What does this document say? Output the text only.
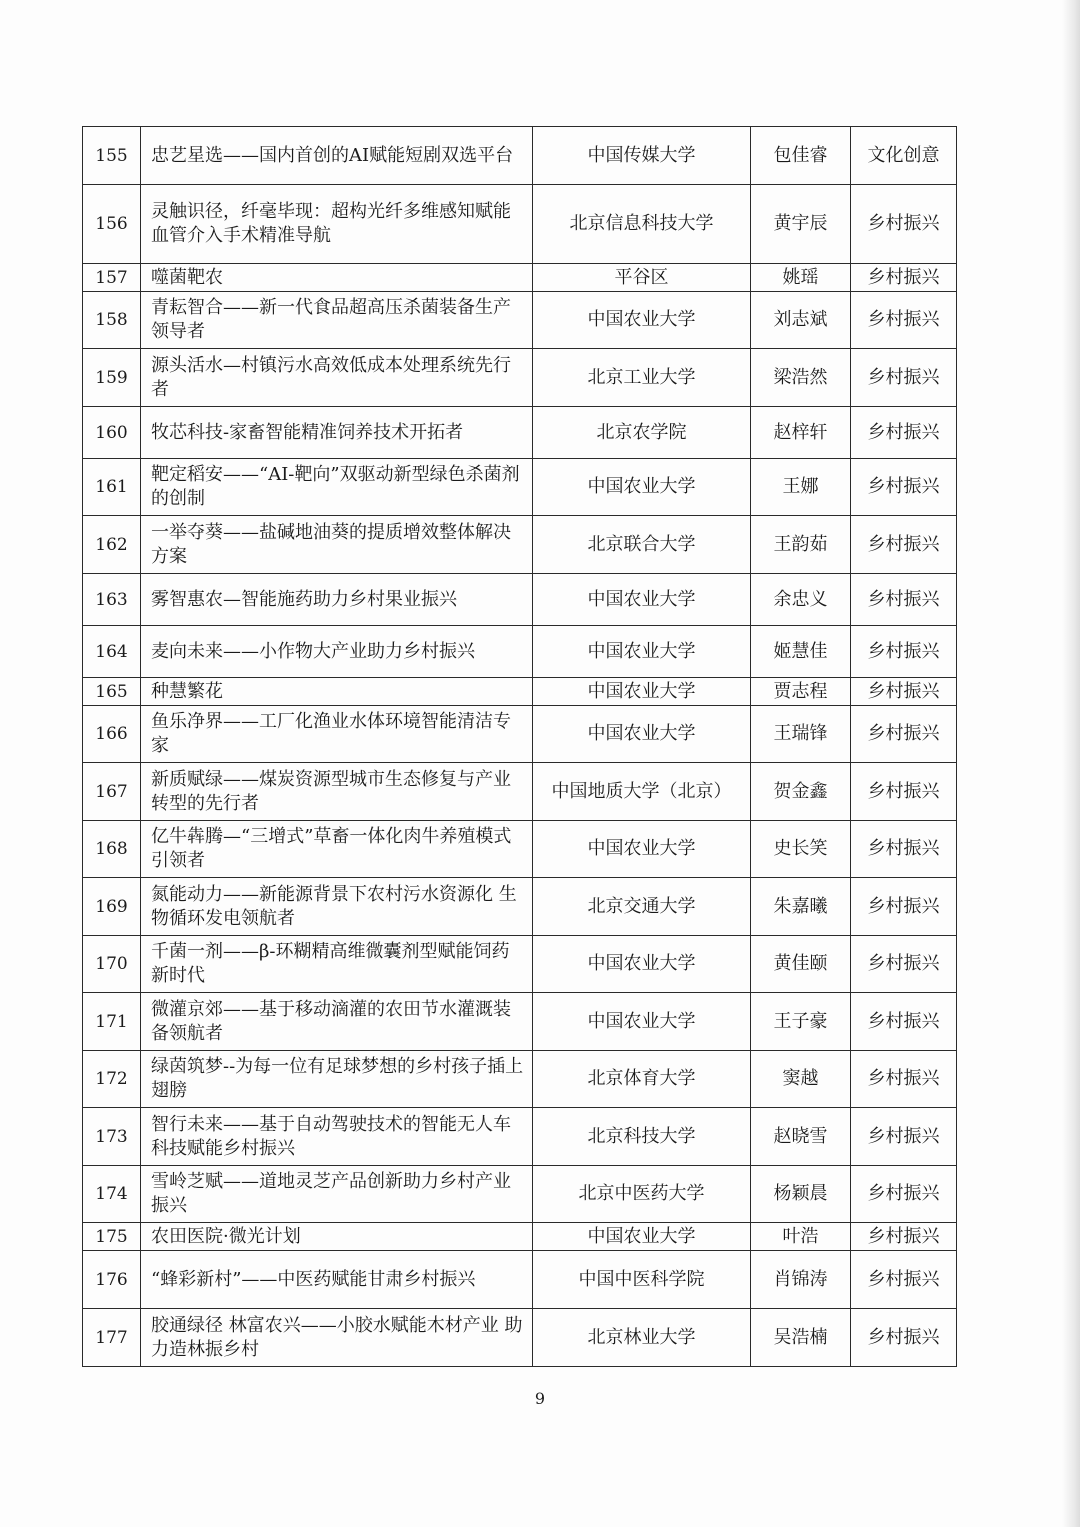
155	忠艺星选——国内首创的AI赋能短剧双选平台	中国传媒大学	包佳睿	文化创意
156	灵触识径，纤毫毕现：超构光纤多维感知赋能血管介入手术精准导航	北京信息科技大学	黄宇辰	乡村振兴
157	噬菌靶农	平谷区	姚瑶	乡村振兴
158	青耘智合——新一代食品超高压杀菌装备生产领导者	中国农业大学	刘志斌	乡村振兴
159	源头活水—村镇污水高效低成本处理系统先行者	北京工业大学	梁浩然	乡村振兴
160	牧芯科技-家畜智能精准饲养技术开拓者	北京农学院	赵梓轩	乡村振兴
161	靶定稻安——“AI-靶向”双驱动新型绿色杀菌剂的创制	中国农业大学	王娜	乡村振兴
162	一举夺葵——盐碱地油葵的提质增效整体解决方案	北京联合大学	王韵茹	乡村振兴
163	雾智惠农—智能施药助力乡村果业振兴	中国农业大学	余忠义	乡村振兴
164	麦向未来——小作物大产业助力乡村振兴	中国农业大学	姬慧佳	乡村振兴
165	种慧繁花	中国农业大学	贾志程	乡村振兴
166	鱼乐净界——工厂化渔业水体环境智能清洁专家	中国农业大学	王瑞锋	乡村振兴
167	新质赋绿——煤炭资源型城市生态修复与产业转型的先行者	中国地质大学（北京）	贺金鑫	乡村振兴
168	亿牛犇腾—“三增式”草畜一体化肉牛养殖模式引领者	中国农业大学	史长笑	乡村振兴
169	氮能动力——新能源背景下农村污水资源化 生物循环发电领航者	北京交通大学	朱嘉曦	乡村振兴
170	千菌一剂——β-环糊精高维微囊剂型赋能饲药新时代	中国农业大学	黄佳颐	乡村振兴
171	微灌京郊——基于移动滴灌的农田节水灌溉装备领航者	中国农业大学	王子豪	乡村振兴
172	绿茵筑梦--为每一位有足球梦想的乡村孩子插上翅膀	北京体育大学	窦越	乡村振兴
173	智行未来——基于自动驾驶技术的智能无人车科技赋能乡村振兴	北京科技大学	赵晓雪	乡村振兴
174	雪岭芝赋——道地灵芝产品创新助力乡村产业振兴	北京中医药大学	杨颖晨	乡村振兴
175	农田医院·微光计划	中国农业大学	叶浩	乡村振兴
176	“蜂彩新村”——中医药赋能甘肃乡村振兴	中国中医科学院	肖锦涛	乡村振兴
177	胶通绿径 林富农兴——小胶水赋能木材产业 助力造林振乡村	北京林业大学	吴浩楠	乡村振兴
9
